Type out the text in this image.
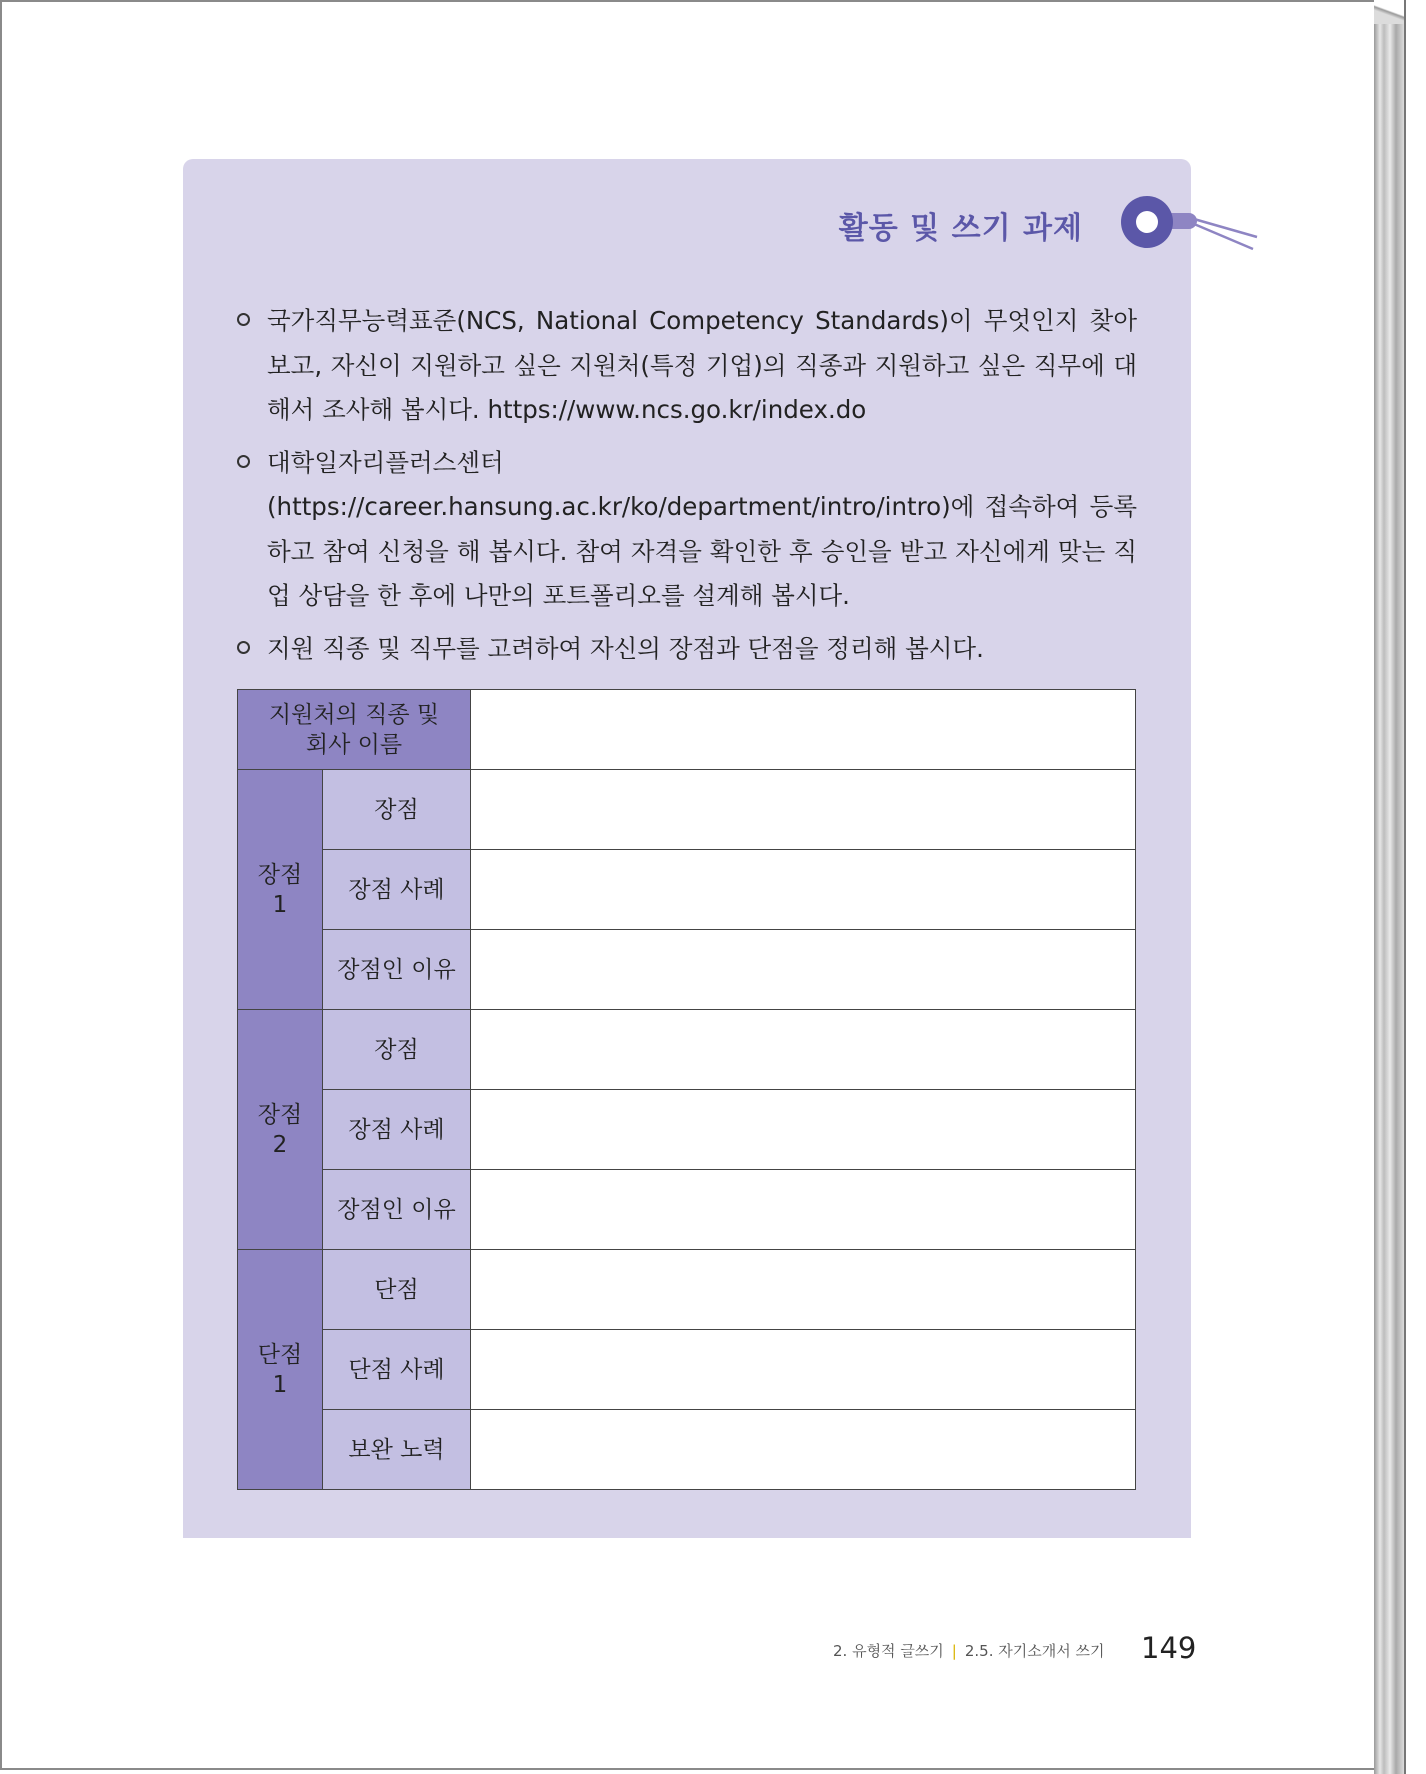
활동 및 쓰기 과제
국가직무능력표준(NCS, National Competency Standards)이 무엇인지 찾아 보고, 자신이 지원하고 싶은 지원처(특정 기업)의 직종과 지원하고 싶은 직무에 대해서 조사해 봅시다. https://www.ncs.go.kr/index.do
대학일자리플러스센터(https://career.hansung.ac.kr/ko/department/intro/intro)에 접속하여 등록하고 참여 신청을 해 봅시다. 참여 자격을 확인한 후 승인을 받고 자신에게 맞는 직업 상담을 한 후에 나만의 포트폴리오를 설계해 봅시다.
지원 직종 및 직무를 고려하여 자신의 장점과 단점을 정리해 봅시다.
지원처의 직종 및
회사 이름		
장점
1	장점	
	장점 사례	
	장점인 이유	
장점
2	장점	
	장점 사례	
	장점인 이유	
단점
1	단점	
	단점 사례	
	보완 노력	
2. 유형적 글쓰기 | 2.5. 자기소개서 쓰기 149
